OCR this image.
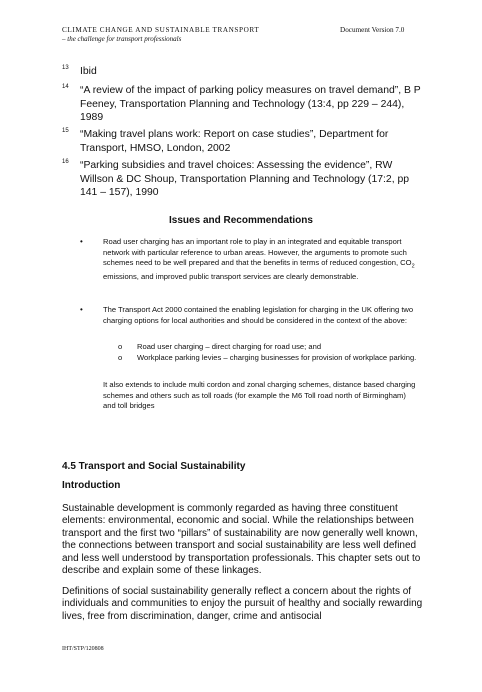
CLIMATE CHANGE AND SUSTAINABLE TRANSPORT
– the challenge for transport professionals
Document Version 7.0
13 Ibid
14 “A review of the impact of parking policy measures on travel demand”, B P Feeney, Transportation Planning and Technology (13:4, pp 229 – 244), 1989
15 “Making travel plans work: Report on case studies”, Department for Transport, HMSO, London, 2002
16 “Parking subsidies and travel choices: Assessing the evidence”, RW Willson & DC Shoup, Transportation Planning and Technology (17:2, pp 141 – 157), 1990
Issues and Recommendations
•	Road user charging has an important role to play in an integrated and equitable transport network with particular reference to urban areas. However, the arguments to promote such schemes need to be well prepared and that the benefits in terms of reduced congestion, $CO_2$ emissions, and improved public transport services are clearly demonstrable.
•	The Transport Act 2000 contained the enabling legislation for charging in the UK offering two charging options for local authorities and should be considered in the context of the above:
o Road user charging – direct charging for road use; and
o Workplace parking levies – charging businesses for provision of workplace parking.
It also extends to include multi cordon and zonal charging schemes, distance based charging schemes and others such as toll roads (for example the M6 Toll road north of Birmingham) and toll bridges
4.5 Transport and Social Sustainability
Introduction
Sustainable development is commonly regarded as having three constituent elements: environmental, economic and social. While the relationships between transport and the first two “pillars” of sustainability are now generally well known, the connections between transport and social sustainability are less well defined and less well understood by transportation professionals. This chapter sets out to describe and explain some of these linkages.
Definitions of social sustainability generally reflect a concern about the rights of individuals and communities to enjoy the pursuit of healthy and socially rewarding lives, free from discrimination, danger, crime and antisocial
IHT/STP/120808
